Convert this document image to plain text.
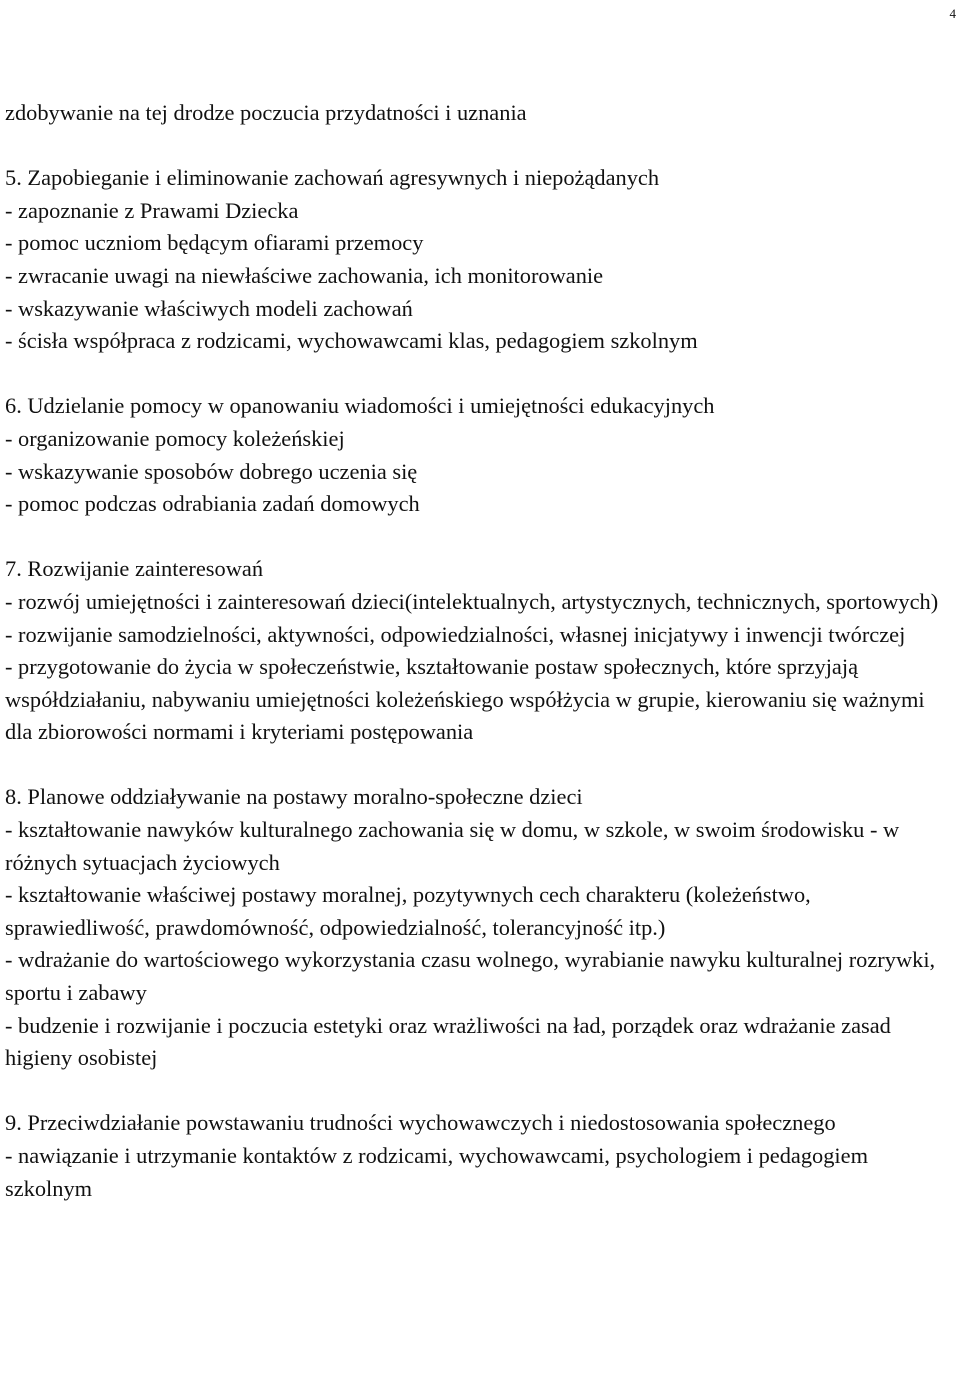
4

zdobywanie na tej drodze poczucia przydatności i uznania

5. Zapobieganie i eliminowanie zachowań agresywnych i niepożądanych

- zapoznanie z Prawami Dziecka

- pomoc uczniom będącym ofiarami przemocy

- zwracanie uwagi na niewłaściwe zachowania, ich monitorowanie

- wskazywanie właściwych modeli zachowań

- ścisła współpraca z rodzicami, wychowawcami klas, pedagogiem szkolnym

6. Udzielanie pomocy w opanowaniu wiadomości i umiejętności edukacyjnych

- organizowanie pomocy koleżeńskiej

- wskazywanie sposobów dobrego uczenia się

- pomoc podczas odrabiania zadań domowych

7. Rozwijanie zainteresowań

- rozwój umiejętności i zainteresowań dzieci(intelektualnych, artystycznych, technicznych, sportowych)

- rozwijanie samodzielności, aktywności, odpowiedzialności, własnej inicjatywy i inwencji twórczej

- przygotowanie do życia w społeczeństwie, kształtowanie postaw społecznych, które sprzyjają współdziałaniu, nabywaniu umiejętności koleżeńskiego współżycia w grupie, kierowaniu się ważnymi dla zbiorowości normami i kryteriami postępowania

8. Planowe oddziaływanie na postawy moralno-społeczne dzieci

- kształtowanie nawyków kulturalnego zachowania się w domu, w szkole, w swoim środowisku - w różnych sytuacjach życiowych

- kształtowanie właściwej postawy moralnej, pozytywnych cech charakteru (koleżeństwo, sprawiedliwość, prawdomówność, odpowiedzialność, tolerancyjność itp.)

- wdrażanie do wartościowego wykorzystania czasu wolnego, wyrabianie nawyku kulturalnej rozrywki, sportu i zabawy

- budzenie i rozwijanie i poczucia estetyki oraz wrażliwości na ład, porządek oraz wdrażanie zasad higieny osobistej

9. Przeciwdziałanie powstawaniu trudności wychowawczych i niedostosowania społecznego

- nawiązanie i utrzymanie kontaktów z rodzicami, wychowawcami, psychologiem i pedagogiem szkolnym
